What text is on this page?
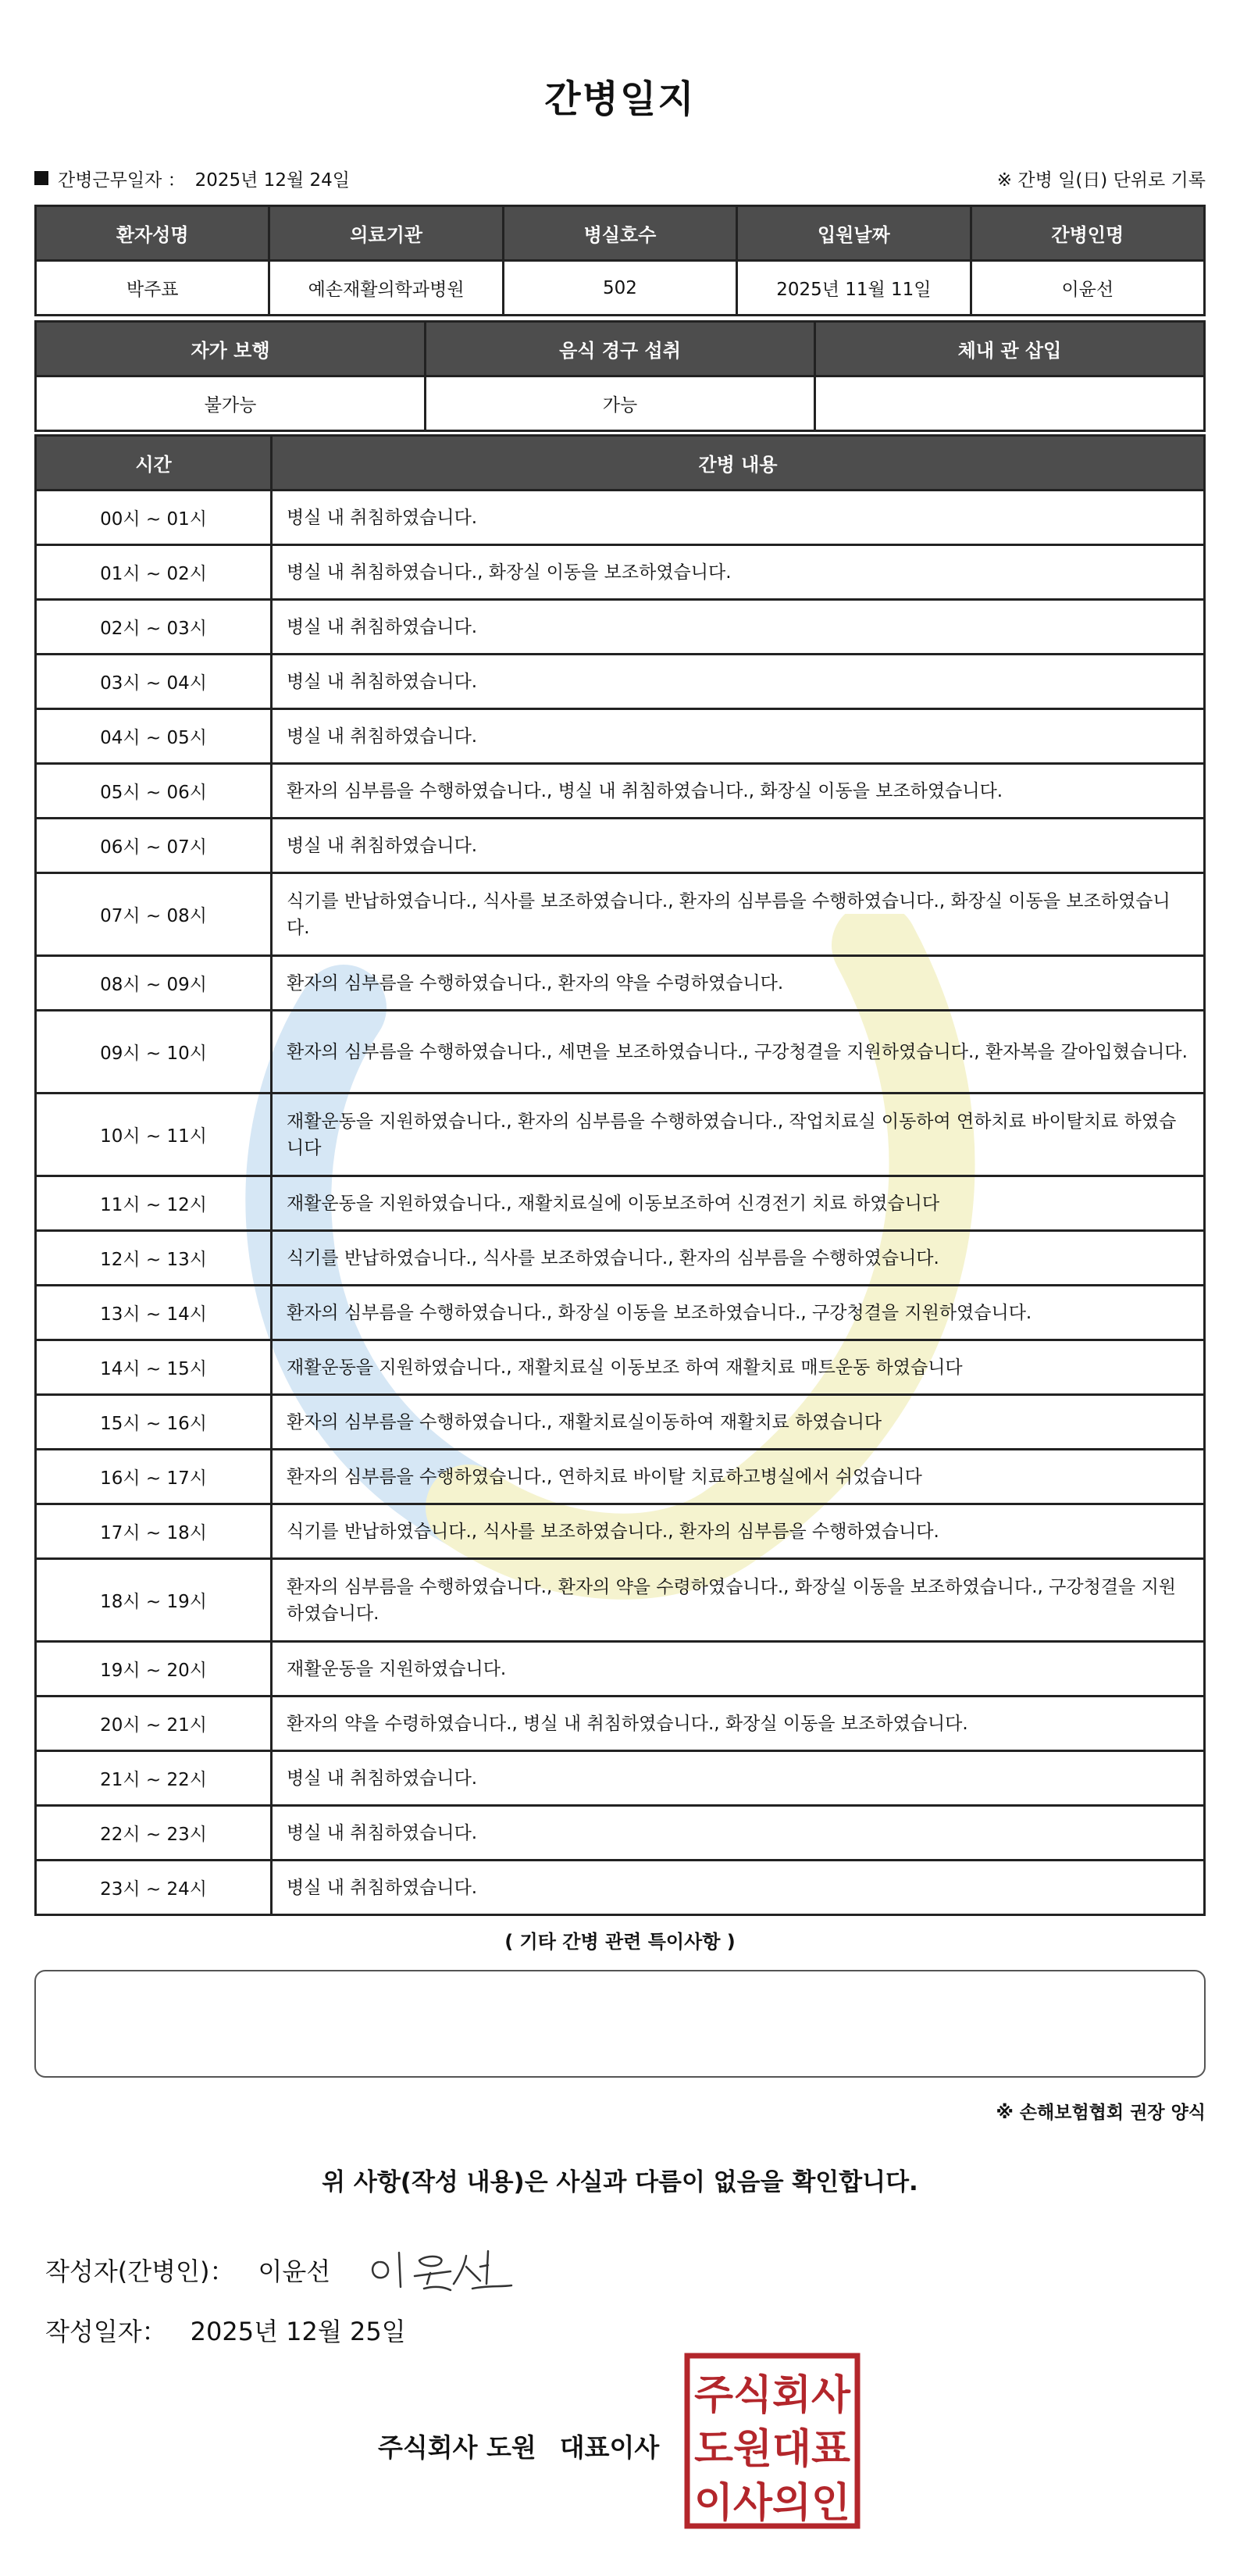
간병일지
간병근무일자 ： 2025년 12월 24일	※ 간병 일(日) 단위로 기록
환자성명	의료기관	병실호수	입원날짜	간병인명
박주표	예손재활의학과병원	502	2025년 11월 11일	이윤선
자가 보행	음식 경구 섭취	체내 관 삽입
불가능	가능	
시간	간병 내용
00시 ~ 01시	병실 내 취침하였습니다.
01시 ~ 02시	병실 내 취침하였습니다., 화장실 이동을 보조하였습니다.
02시 ~ 03시	병실 내 취침하였습니다.
03시 ~ 04시	병실 내 취침하였습니다.
04시 ~ 05시	병실 내 취침하였습니다.
05시 ~ 06시	환자의 심부름을 수행하였습니다., 병실 내 취침하였습니다., 화장실 이동을 보조하였습니다.
06시 ~ 07시	병실 내 취침하였습니다.
07시 ~ 08시	식기를 반납하였습니다., 식사를 보조하였습니다., 환자의 심부름을 수행하였습니다., 화장실 이동을 보조하였습니다.
08시 ~ 09시	환자의 심부름을 수행하였습니다., 환자의 약을 수령하였습니다.
09시 ~ 10시	환자의 심부름을 수행하였습니다., 세면을 보조하였습니다., 구강청결을 지원하였습니다., 환자복을 갈아입혔습니다.
10시 ~ 11시	재활운동을 지원하였습니다., 환자의 심부름을 수행하였습니다., 작업치료실 이동하여 연하치료 바이탈치료 하였습니다
11시 ~ 12시	재활운동을 지원하였습니다., 재활치료실에 이동보조하여 신경전기 치료 하였습니다
12시 ~ 13시	식기를 반납하였습니다., 식사를 보조하였습니다., 환자의 심부름을 수행하였습니다.
13시 ~ 14시	환자의 심부름을 수행하였습니다., 화장실 이동을 보조하였습니다., 구강청결을 지원하였습니다.
14시 ~ 15시	재활운동을 지원하였습니다., 재활치료실 이동보조 하여 재활치료 매트운동 하였습니다
15시 ~ 16시	환자의 심부름을 수행하였습니다., 재활치료실이동하여 재활치료 하였습니다
16시 ~ 17시	환자의 심부름을 수행하였습니다., 연하치료 바이탈 치료하고병실에서 쉬었습니다
17시 ~ 18시	식기를 반납하였습니다., 식사를 보조하였습니다., 환자의 심부름을 수행하였습니다.
18시 ~ 19시	환자의 심부름을 수행하였습니다., 환자의 약을 수령하였습니다., 화장실 이동을 보조하였습니다., 구강청결을 지원하였습니다.
19시 ~ 20시	재활운동을 지원하였습니다.
20시 ~ 21시	환자의 약을 수령하였습니다., 병실 내 취침하였습니다., 화장실 이동을 보조하였습니다.
21시 ~ 22시	병실 내 취침하였습니다.
22시 ~ 23시	병실 내 취침하였습니다.
23시 ~ 24시	병실 내 취침하였습니다.
( 기타 간병 관련 특이사항 )
※ 손해보험협회 권장 양식
위 사항(작성 내용)은 사실과 다름이 없음을 확인합니다.
작성자(간병인)： 이윤선
작성일자： 2025년 12월 25일
주식회사 도원 대표이사
주식회사
도원대표
이사의인
